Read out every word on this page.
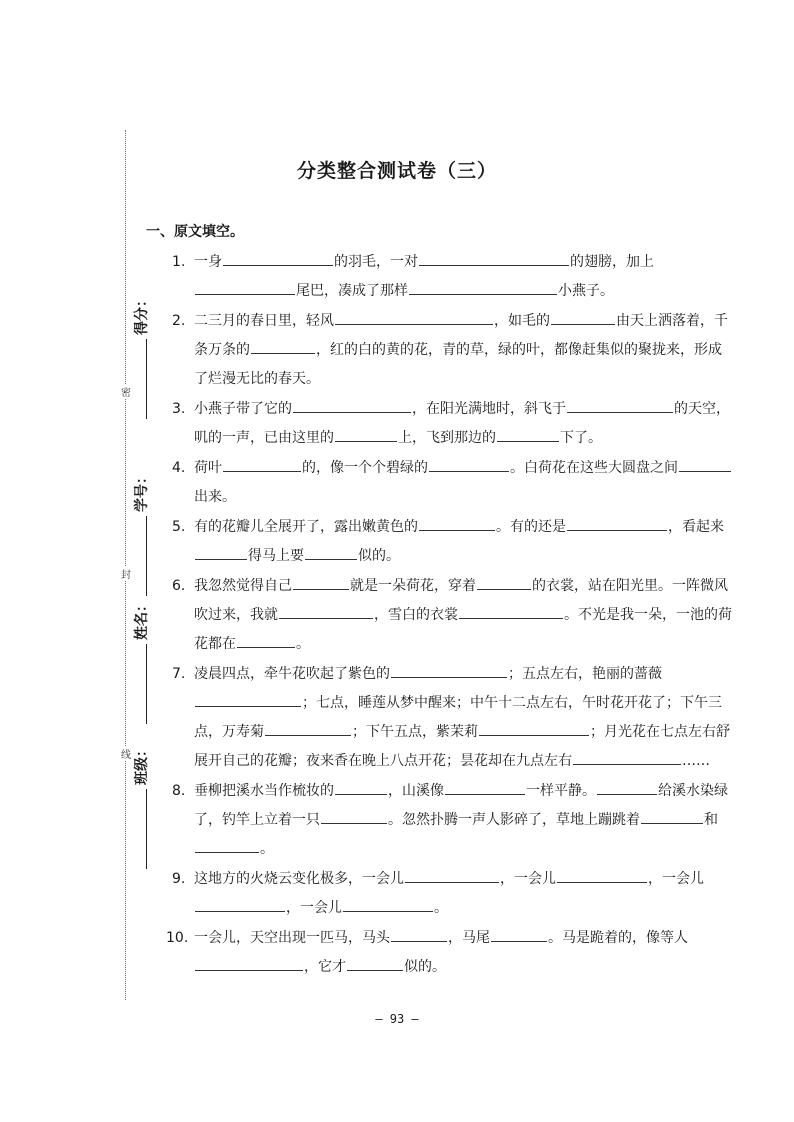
分类整合测试卷（三）
密
封
线
得分：
学号：
姓名：
班级：
一、原文填空。
1. 一身	的羽毛，一对	的翅膀，加上尾巴，凑成了那样	小燕子。
2. 二三月的春日里，轻风	，如毛的	由天上洒落着，千条万条的	，红的白的黄的花，青的草，绿的叶，都像赶集似的聚拢来，形成了烂漫无比的春天。
3. 小燕子带了它的	，在阳光满地时，斜飞于	的天空，叽的一声，已由这里的	上，飞到那边的	下了。
4. 荷叶	的，像一个个碧绿的	。白荷花在这些大圆盘之间出来。
5. 有的花瓣儿全展开了，露出嫩黄色的	。有的还是	，看起来得马上要	似的。
6. 我忽然觉得自己	就是一朵荷花，穿着	的衣裳，站在阳光里。一阵微风吹过来，我就	，雪白的衣裳	。不光是我一朵，一池的荷花都在	。
7. 凌晨四点，牵牛花吹起了紫色的	；五点左右，艳丽的蔷薇；七点，睡莲从梦中醒来；中午十二点左右，午时花开花了；下午三点，万寿菊	；下午五点，紫茉莉	；月光花在七点左右舒展开自己的花瓣；夜来香在晚上八点开花；昙花却在九点左右	……
8. 垂柳把溪水当作梳妆的	，山溪像	一样平静。	给溪水染绿了，钓竿上立着一只	。忽然扑腾一声人影碎了，草地上蹦跳着	和。
9. 这地方的火烧云变化极多，一会儿	，一会儿	，一会儿，一会儿	。
10. 一会儿，天空出现一匹马，马头	，马尾	。马是跪着的，像等人，它才	似的。
— 93 —
